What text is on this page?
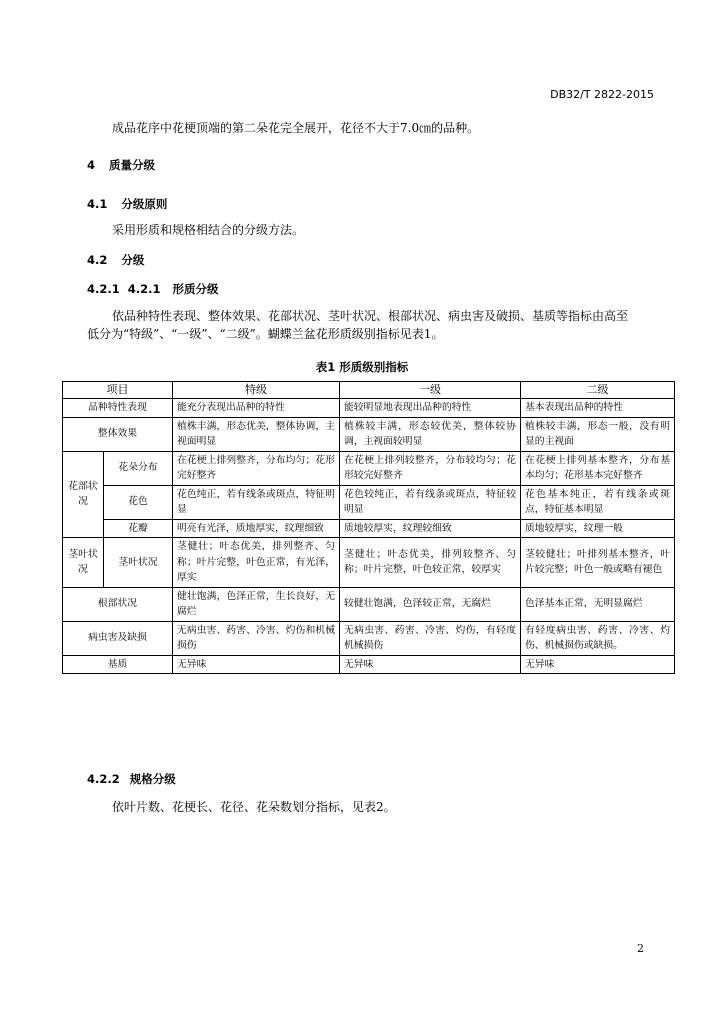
DB32/T 2822-2015
成品花序中花梗顶端的第二朵花完全展开，花径不大于7.0㎝的品种。
4 质量分级
4.1 分级原则
采用形质和规格相结合的分级方法。
4.2 分级
4.2.1 4.2.1 形质分级
依品种特性表现、整体效果、花部状况、茎叶状况、根部状况、病虫害及破损、基质等指标由高至
低分为“特级”、“一级”、“二级”。蝴蝶兰盆花形质级别指标见表1。
表1 形质级别指标
项目		特级	一级	二级
品种特性表现		能充分表现出品种的特性	能较明显地表现出品种的特性	基本表现出品种的特性
整体效果		植株丰满，形态优美，整体协调，主视面明显	植株较丰满，形态较优美，整体较协调，主视面较明显	植株较丰满，形态一般，没有明显的主视面
花部状况	花朵分布	在花梗上排列整齐，分布均匀；花形完好整齐	在花梗上排列较整齐，分布较均匀；花形较完好整齐	在花梗上排列基本整齐，分布基本均匀；花形基本完好整齐
	花色	花色纯正，若有线条或斑点，特征明显	花色较纯正，若有线条或斑点，特征较明显	花色基本纯正，若有线条或斑点，特征基本明显
	花瓣	明亮有光泽，质地厚实，纹理细致	质地较厚实，纹理较细致	质地较厚实，纹理一般
茎叶状况	茎叶状况	茎健壮；叶态优美，排列整齐、匀称；叶片完整，叶色正常，有光泽，厚实	茎健壮；叶态优美，排列较整齐、匀称；叶片完整，叶色较正常，较厚实	茎较健壮；叶排列基本整齐，叶片较完整；叶色一般或略有褪色
根部状况		健壮饱满，色泽正常，生长良好，无腐烂	较健壮饱满，色泽较正常，无腐烂	色泽基本正常，无明显腐烂
病虫害及缺损		无病虫害、药害、冷害、灼伤和机械损伤	无病虫害、药害、冷害、灼伤，有轻度机械损伤	有轻度病虫害、药害、冷害、灼伤、机械损伤或缺损。
基质		无异味	无异味	无异味
4.2.2 规格分级
依叶片数、花梗长、花径、花朵数划分指标，见表2。
2
